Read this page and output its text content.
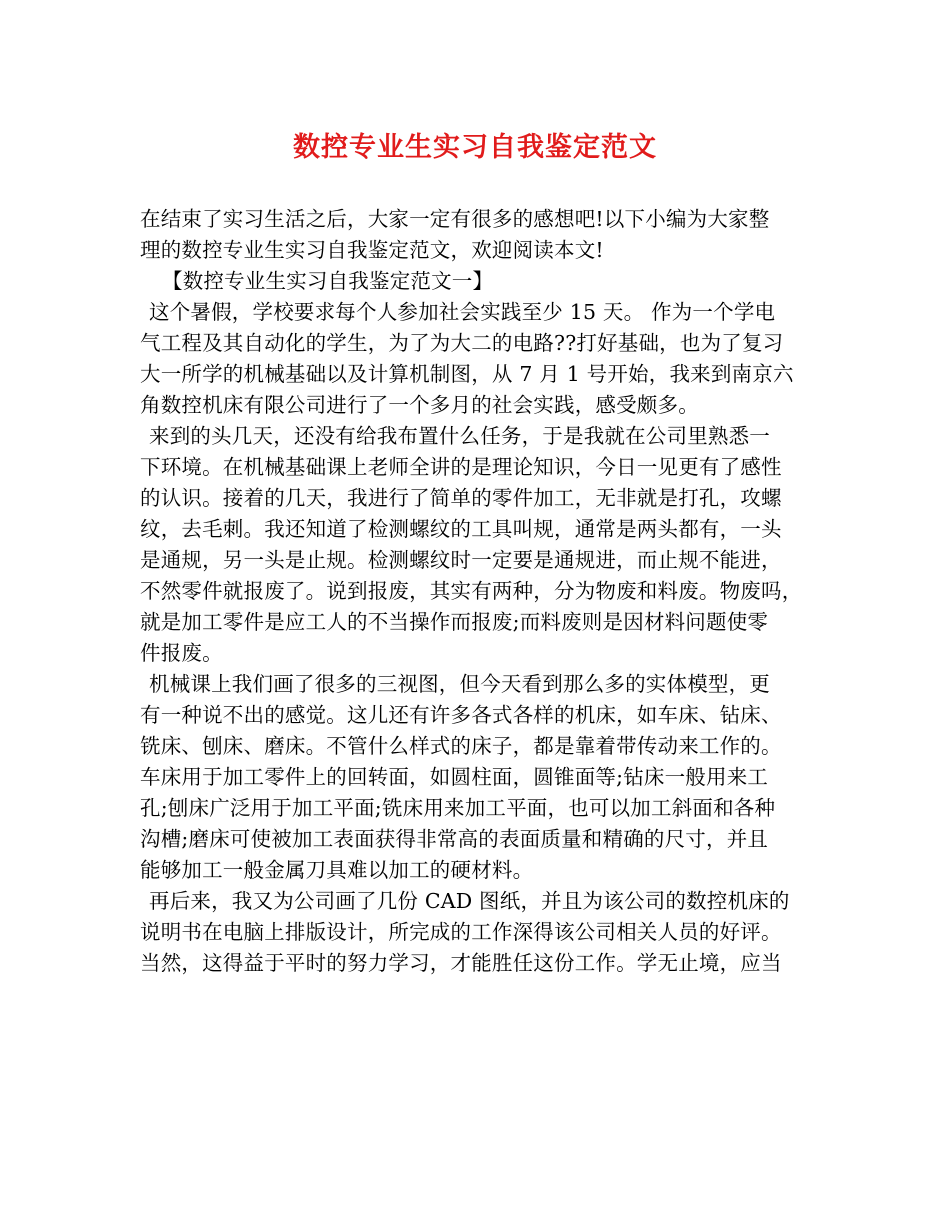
数控专业生实习自我鉴定范文
在结束了实习生活之后，大家一定有很多的感想吧!以下小编为大家整
理的数控专业生实习自我鉴定范文，欢迎阅读本文!
【数控专业生实习自我鉴定范文一】
这个暑假，学校要求每个人参加社会实践至少 15 天。 作为一个学电
气工程及其自动化的学生，为了为大二的电路??打好基础，也为了复习
大一所学的机械基础以及计算机制图，从 7 月 1 号开始，我来到南京六
角数控机床有限公司进行了一个多月的社会实践，感受颇多。
来到的头几天，还没有给我布置什么任务，于是我就在公司里熟悉一
下环境。在机械基础课上老师全讲的是理论知识，今日一见更有了感性
的认识。接着的几天，我进行了简单的零件加工，无非就是打孔，攻螺
纹，去毛刺。我还知道了检测螺纹的工具叫规，通常是两头都有，一头
是通规，另一头是止规。检测螺纹时一定要是通规进，而止规不能进，
不然零件就报废了。说到报废，其实有两种，分为物废和料废。物废吗，
就是加工零件是应工人的不当操作而报废;而料废则是因材料问题使零
件报废。
机械课上我们画了很多的三视图，但今天看到那么多的实体模型，更
有一种说不出的感觉。这儿还有许多各式各样的机床，如车床、钻床、
铣床、刨床、磨床。不管什么样式的床子，都是靠着带传动来工作的。
车床用于加工零件上的回转面，如圆柱面，圆锥面等;钻床一般用来工
孔;刨床广泛用于加工平面;铣床用来加工平面，也可以加工斜面和各种
沟槽;磨床可使被加工表面获得非常高的表面质量和精确的尺寸，并且
能够加工一般金属刀具难以加工的硬材料。
再后来，我又为公司画了几份 CAD 图纸，并且为该公司的数控机床的
说明书在电脑上排版设计，所完成的工作深得该公司相关人员的好评。
当然，这得益于平时的努力学习，才能胜任这份工作。学无止境，应当
